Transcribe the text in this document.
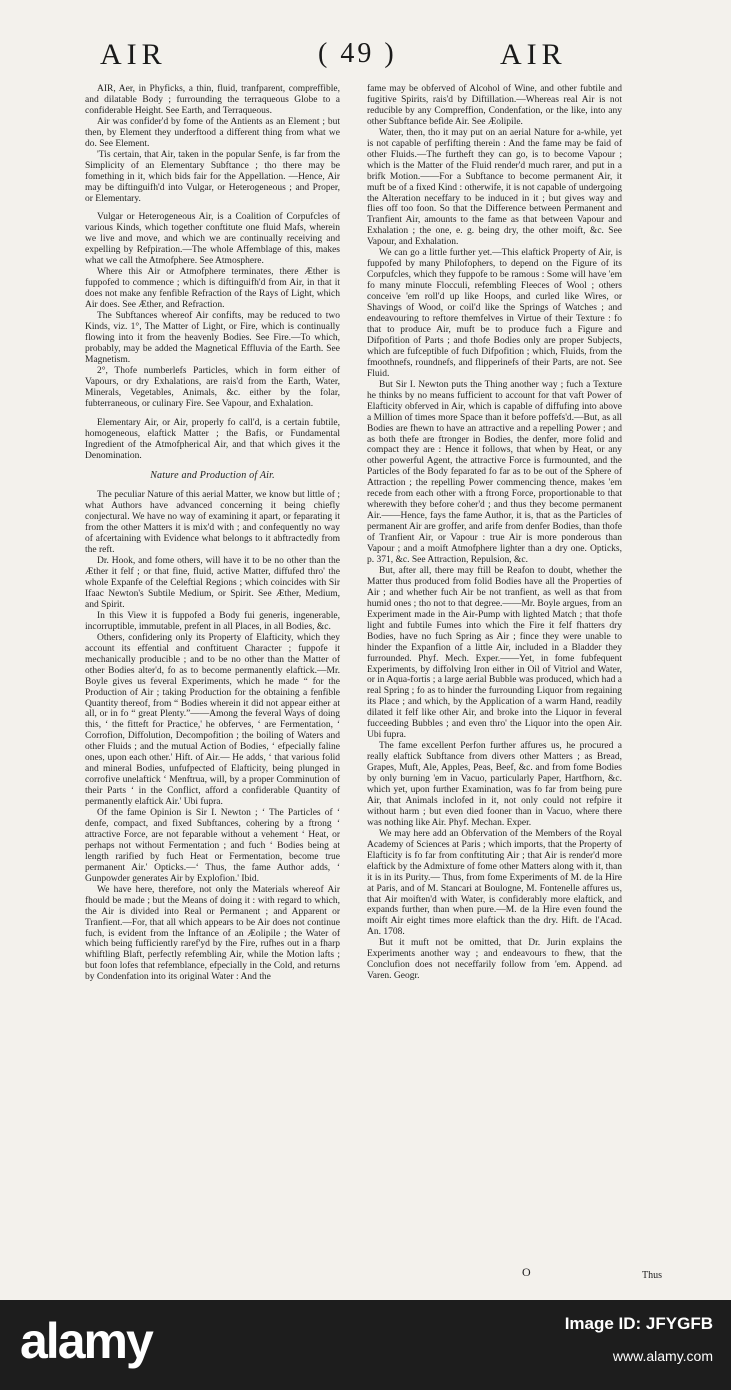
AIR	( 49 )	AIR

AIR, Aer, in Phyficks, a thin, fluid, tranfparent, compreffible, and dilatable Body ; furrounding the terraqueous Globe to a confiderable Height. See Earth, and Terraqueous.

Air was confider'd by fome of the Antients as an Element ; but then, by Element they underftood a different thing from what we do. See Element.

'Tis certain, that Air, taken in the popular Senfe, is far from the Simplicity of an Elementary Subftance ; tho there may be fomething in it, which bids fair for the Appellation. —Hence, Air may be diftinguifh'd into Vulgar, or Heterogeneous ; and Proper, or Elementary.

Vulgar or Heterogeneous Air, is a Coalition of Corpufcles of various Kinds, which together conftitute one fluid Mafs, wherein we live and move, and which we are continually receiving and expelling by Refpiration.—The whole Affemblage of this, makes what we call the Atmofphere. See Atmosphere.

Where this Air or Atmofphere terminates, there Æther is fuppofed to commence ; which is diftinguifh'd from Air, in that it does not make any fenfible Refraction of the Rays of Light, which Air does. See Æther, and Refraction.

The Subftances whereof Air confifts, may be reduced to two Kinds, viz. 1°, The Matter of Light, or Fire, which is continually flowing into it from the heavenly Bodies. See Fire.—To which, probably, may be added the Magnetical Effluvia of the Earth. See Magnetism.

2°, Thofe numberlefs Particles, which in form either of Vapours, or dry Exhalations, are rais'd from the Earth, Water, Minerals, Vegetables, Animals, &c. either by the folar, fubterraneous, or culinary Fire. See Vapour, and Exhalation.

Elementary Air, or Air, properly fo call'd, is a certain fubtile, homogeneous, elaftick Matter ; the Bafis, or Fundamental Ingredient of the Atmofpherical Air, and that which gives it the Denomination.

Nature and Production of Air.

The peculiar Nature of this aerial Matter, we know but little of ; what Authors have advanced concerning it being chiefly conjectural. We have no way of examining it apart, or feparating it from the other Matters it is mix'd with ; and confequently no way of afcertaining with Evidence what belongs to it abftractedly from the reft.

Dr. Hook, and fome others, will have it to be no other than the Æther it felf ; or that fine, fluid, active Matter, diffufed thro' the whole Expanfe of the Celeftial Regions ; which coincides with Sir Ifaac Newton's Subtile Medium, or Spirit. See Æther, Medium, and Spirit.

In this View it is fuppofed a Body fui generis, ingenerable, incorruptible, immutable, prefent in all Places, in all Bodies, &c.

Others, confidering only its Property of Elafticity, which they account its effential and conftituent Character ; fuppofe it mechanically producible ; and to be no other than the Matter of other Bodies alter'd, fo as to become permanently elaftick.—Mr. Boyle gives us feveral Experiments, which he made “ for the Production of Air ; taking Production for the obtaining a fenfible Quantity thereof, from “ Bodies wherein it did not appear either at all, or in fo “ great Plenty.”——Among the feveral Ways of doing this, ‘ the fitteft for Practice,' he obferves, ‘ are Fermentation, ‘ Corrofion, Diffolution, Decompofition ; the boiling of Waters and other Fluids ; and the mutual Action of Bodies, ‘ efpecially faline ones, upon each other.' Hift. of Air.— He adds, ‘ that various folid and mineral Bodies, unfufpected of Elafticity, being plunged in corrofive unelaftick ‘ Menftrua, will, by a proper Comminution of their Parts ‘ in the Conflict, afford a confiderable Quantity of permanently elaftick Air.' Ubi fupra.

Of the fame Opinion is Sir I. Newton ; ‘ The Particles of ‘ denfe, compact, and fixed Subftances, cohering by a ftrong ‘ attractive Force, are not feparable without a vehement ‘ Heat, or perhaps not without Fermentation ; and fuch ‘ Bodies being at length rarified by fuch Heat or Fermentation, become true permanent Air.' Opticks.—‘ Thus, the fame Author adds, ‘ Gunpowder generates Air by Explofion.' Ibid.

We have here, therefore, not only the Materials whereof Air fhould be made ; but the Means of doing it : with regard to which, the Air is divided into Real or Permanent ; and Apparent or Tranfient.—For, that all which appears to be Air does not continue fuch, is evident from the Inftance of an Æolipile ; the Water of which being fufficiently raref'yd by the Fire, rufhes out in a fharp whiftling Blaft, perfectly refembling Air, while the Motion lafts ; but foon lofes that refemblance, efpecially in the Cold, and returns by Condenfation into its original Water : And the

fame may be obferved of Alcohol of Wine, and other fubtile and fugitive Spirits, rais'd by Diftillation.—Whereas real Air is not reducible by any Compreffion, Condenfation, or the like, into any other Subftance befide Air. See Æolipile.

Water, then, tho it may put on an aerial Nature for a-while, yet is not capable of perfifting therein : And the fame may be faid of other Fluids.—The furtheft they can go, is to become Vapour ; which is the Matter of the Fluid render'd much rarer, and put in a brifk Motion.——For a Subftance to become permanent Air, it muft be of a fixed Kind : otherwife, it is not capable of undergoing the Alteration neceffary to be induced in it ; but gives way and flies off too foon. So that the Difference between Permanent and Tranfient Air, amounts to the fame as that between Vapour and Exhalation ; the one, e. g. being dry, the other moift, &c. See Vapour, and Exhalation.

We can go a little further yet.—This elaftick Property of Air, is fuppofed by many Philofophers, to depend on the Figure of its Corpufcles, which they fuppofe to be ramous : Some will have 'em fo many minute Flocculi, refembling Fleeces of Wool ; others conceive 'em roll'd up like Hoops, and curled like Wires, or Shavings of Wood, or coil'd like the Springs of Watches ; and endeavouring to reftore themfelves in Virtue of their Texture : fo that to produce Air, muft be to produce fuch a Figure and Difpofition of Parts ; and thofe Bodies only are proper Subjects, which are fufceptible of fuch Difpofition ; which, Fluids, from the fmoothnefs, roundnefs, and flipperinefs of their Parts, are not. See Fluid.

But Sir I. Newton puts the Thing another way ; fuch a Texture he thinks by no means fufficient to account for that vaft Power of Elafticity obferved in Air, which is capable of diffufing into above a Million of times more Space than it before poffefs'd.—But, as all Bodies are fhewn to have an attractive and a repelling Power ; and as both thefe are ftronger in Bodies, the denfer, more folid and compact they are : Hence it follows, that when by Heat, or any other powerful Agent, the attractive Force is furmounted, and the Particles of the Body feparated fo far as to be out of the Sphere of Attraction ; the repelling Power commencing thence, makes 'em recede from each other with a ftrong Force, proportionable to that wherewith they before coher'd ; and thus they become permanent Air.——Hence, fays the fame Author, it is, that as the Particles of permanent Air are groffer, and arife from denfer Bodies, than thofe of Tranfient Air, or Vapour : true Air is more ponderous than Vapour ; and a moift Atmofphere lighter than a dry one. Opticks, p. 371, &c. See Attraction, Repulsion, &c.

But, after all, there may ftill be Reafon to doubt, whether the Matter thus produced from folid Bodies have all the Properties of Air ; and whether fuch Air be not tranfient, as well as that from humid ones ; tho not to that degree.——Mr. Boyle argues, from an Experiment made in the Air-Pump with lighted Match ; that thofe light and fubtile Fumes into which the Fire it felf fhatters dry Bodies, have no fuch Spring as Air ; fince they were unable to hinder the Expanfion of a little Air, included in a Bladder they furrounded. Phyf. Mech. Exper.——Yet, in fome fubfequent Experiments, by diffolving Iron either in Oil of Vitriol and Water, or in Aqua-fortis ; a large aerial Bubble was produced, which had a real Spring ; fo as to hinder the furrounding Liquor from regaining its Place ; and which, by the Application of a warm Hand, readily dilated it felf like other Air, and broke into the Liquor in feveral fucceeding Bubbles ; and even thro' the Liquor into the open Air. Ubi fupra.

The fame excellent Perfon further affures us, he procured a really elaftick Subftance from divers other Matters ; as Bread, Grapes, Muft, Ale, Apples, Peas, Beef, &c. and from fome Bodies by only burning 'em in Vacuo, particularly Paper, Hartfhorn, &c. which yet, upon further Examination, was fo far from being pure Air, that Animals inclofed in it, not only could not refpire it without harm ; but even died fooner than in Vacuo, where there was nothing like Air. Phyf. Mechan. Exper.

We may here add an Obfervation of the Members of the Royal Academy of Sciences at Paris ; which imports, that the Property of Elafticity is fo far from conftituting Air ; that Air is render'd more elaftick by the Admixture of fome other Matters along with it, than it is in its Purity.— Thus, from fome Experiments of M. de la Hire at Paris, and of M. Stancari at Boulogne, M. Fontenelle affures us, that Air moiften'd with Water, is confiderably more elaftick, and expands further, than when pure.—M. de la Hire even found the moift Air eight times more elaftick than the dry. Hift. de l'Acad. An. 1708.

But it muft not be omitted, that Dr. Jurin explains the Experiments another way ; and endeavours to fhew, that the Conclufion does not neceffarily follow from 'em. Append. ad Varen. Geogr.

O	Thus
alamy	Image ID: JFYGFB
www.alamy.com
